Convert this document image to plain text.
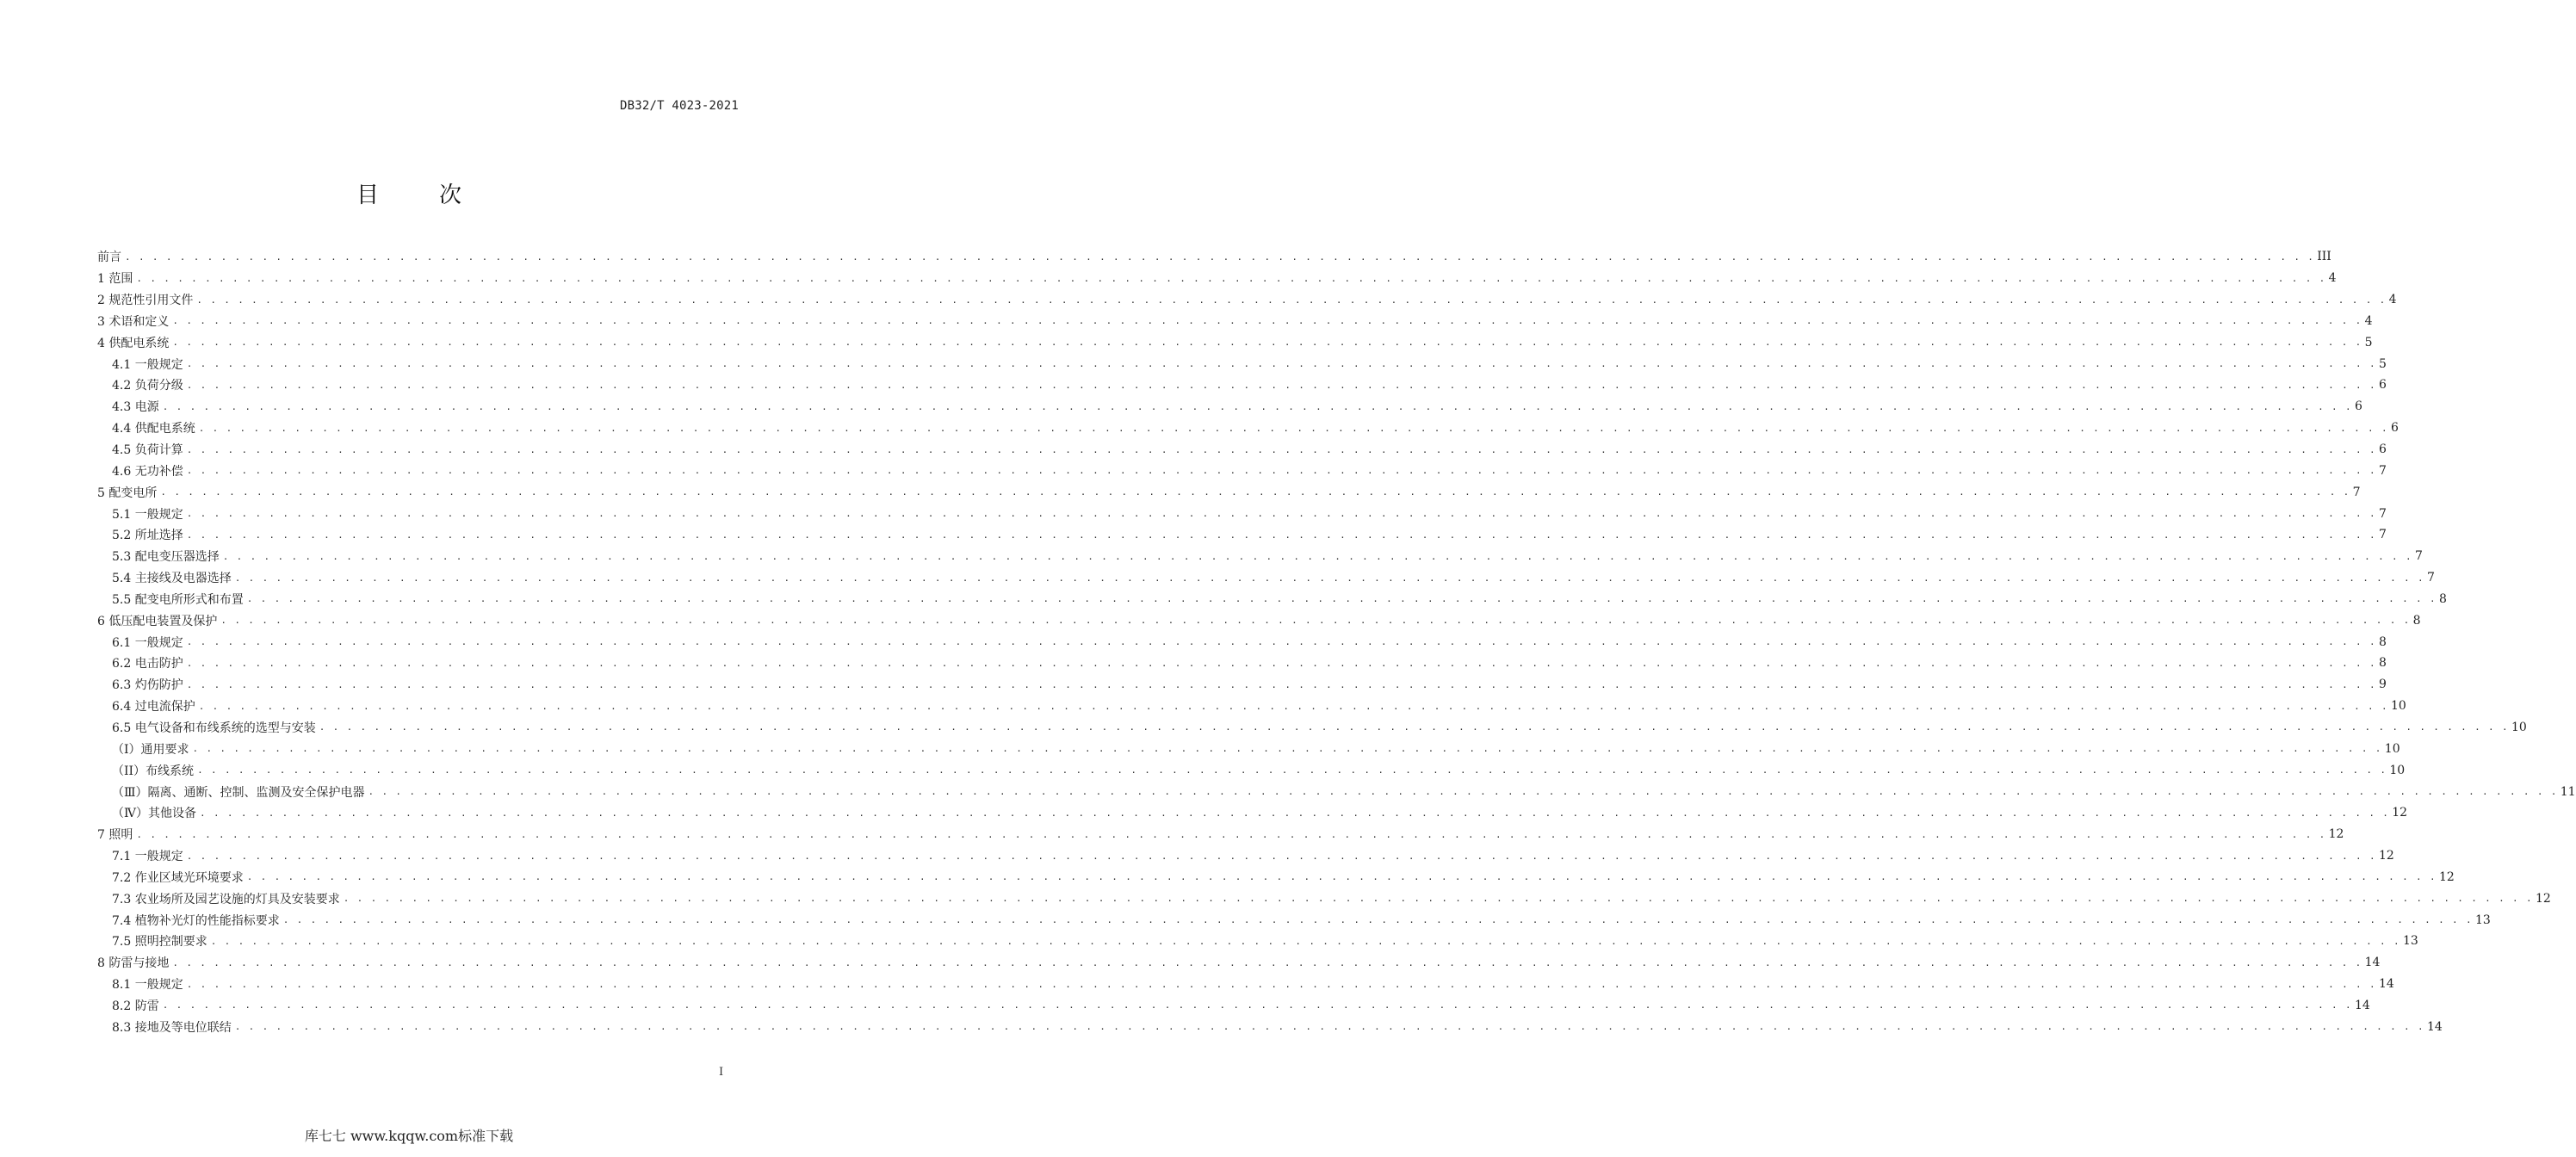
DB32/T 4023-2021
目　次
前言 . . . . . . . . . . . . . . . . . . . . . . . . . . . . . . . . . . . . . . . . . . . . . . . . . . . . . . . . . . . . . . . . . . . . . . . . . . . . . . . . . . . . . . . . . . . . . . . . . . . . . . . . . . . . . . . . . . . . . . . . . . . . . . . . . . . . . . . . . . . . . . . . . . . . . . . . . . . . . . . . III
1 范围 . . . . . . . . . . . . . . . . . . . . . . . . . . . . . . . . . . . . . . . . . . . . . . . . . . . . . . . . . . . . . . . . . . . . . . . . . . . . . . . . . . . . . . . . . . . . . . . . . . . . . . . . . . . . . . . . . . . . . . . . . . . . . . . . . . . . . . . . . . . . . . . . . . . . . . . . . . . . . . . . 4
2 规范性引用文件 . . . . . . . . . . . . . . . . . . . . . . . . . . . . . . . . . . . . . . . . . . . . . . . . . . . . . . . . . . . . . . . . . . . . . . . . . . . . . . . . . . . . . . . . . . . . . . . . . . . . . . . . . . . . . . . . . . . . . . . . . . . . . . . . . . . . . . . . . . . . . . . . . . . . . . . . . . . . . . . . 4
3 术语和定义 . . . . . . . . . . . . . . . . . . . . . . . . . . . . . . . . . . . . . . . . . . . . . . . . . . . . . . . . . . . . . . . . . . . . . . . . . . . . . . . . . . . . . . . . . . . . . . . . . . . . . . . . . . . . . . . . . . . . . . . . . . . . . . . . . . . . . . . . . . . . . . . . . . . . . . . . . . . . . . . . 4
4 供配电系统 . . . . . . . . . . . . . . . . . . . . . . . . . . . . . . . . . . . . . . . . . . . . . . . . . . . . . . . . . . . . . . . . . . . . . . . . . . . . . . . . . . . . . . . . . . . . . . . . . . . . . . . . . . . . . . . . . . . . . . . . . . . . . . . . . . . . . . . . . . . . . . . . . . . . . . . . . . . . . . . . 5
4.1 一般规定 . . . . . . . . . . . . . . . . . . . . . . . . . . . . . . . . . . . . . . . . . . . . . . . . . . . . . . . . . . . . . . . . . . . . . . . . . . . . . . . . . . . . . . . . . . . . . . . . . . . . . . . . . . . . . . . . . . . . . . . . . . . . . . . . . . . . . . . . . . . . . . . . . . . . . . . . . . . . . . . . 5
4.2 负荷分级 . . . . . . . . . . . . . . . . . . . . . . . . . . . . . . . . . . . . . . . . . . . . . . . . . . . . . . . . . . . . . . . . . . . . . . . . . . . . . . . . . . . . . . . . . . . . . . . . . . . . . . . . . . . . . . . . . . . . . . . . . . . . . . . . . . . . . . . . . . . . . . . . . . . . . . . . . . . . . . . . 6
4.3 电源 . . . . . . . . . . . . . . . . . . . . . . . . . . . . . . . . . . . . . . . . . . . . . . . . . . . . . . . . . . . . . . . . . . . . . . . . . . . . . . . . . . . . . . . . . . . . . . . . . . . . . . . . . . . . . . . . . . . . . . . . . . . . . . . . . . . . . . . . . . . . . . . . . . . . . . . . . . . . . . . . 6
4.4 供配电系统 . . . . . . . . . . . . . . . . . . . . . . . . . . . . . . . . . . . . . . . . . . . . . . . . . . . . . . . . . . . . . . . . . . . . . . . . . . . . . . . . . . . . . . . . . . . . . . . . . . . . . . . . . . . . . . . . . . . . . . . . . . . . . . . . . . . . . . . . . . . . . . . . . . . . . . . . . . . . . . . . 6
4.5 负荷计算 . . . . . . . . . . . . . . . . . . . . . . . . . . . . . . . . . . . . . . . . . . . . . . . . . . . . . . . . . . . . . . . . . . . . . . . . . . . . . . . . . . . . . . . . . . . . . . . . . . . . . . . . . . . . . . . . . . . . . . . . . . . . . . . . . . . . . . . . . . . . . . . . . . . . . . . . . . . . . . . . 6
4.6 无功补偿 . . . . . . . . . . . . . . . . . . . . . . . . . . . . . . . . . . . . . . . . . . . . . . . . . . . . . . . . . . . . . . . . . . . . . . . . . . . . . . . . . . . . . . . . . . . . . . . . . . . . . . . . . . . . . . . . . . . . . . . . . . . . . . . . . . . . . . . . . . . . . . . . . . . . . . . . . . . . . . . . 7
5 配变电所 . . . . . . . . . . . . . . . . . . . . . . . . . . . . . . . . . . . . . . . . . . . . . . . . . . . . . . . . . . . . . . . . . . . . . . . . . . . . . . . . . . . . . . . . . . . . . . . . . . . . . . . . . . . . . . . . . . . . . . . . . . . . . . . . . . . . . . . . . . . . . . . . . . . . . . . . . . . . . . . . 7
5.1 一般规定 . . . . . . . . . . . . . . . . . . . . . . . . . . . . . . . . . . . . . . . . . . . . . . . . . . . . . . . . . . . . . . . . . . . . . . . . . . . . . . . . . . . . . . . . . . . . . . . . . . . . . . . . . . . . . . . . . . . . . . . . . . . . . . . . . . . . . . . . . . . . . . . . . . . . . . . . . . . . . . . . 7
5.2 所址选择 . . . . . . . . . . . . . . . . . . . . . . . . . . . . . . . . . . . . . . . . . . . . . . . . . . . . . . . . . . . . . . . . . . . . . . . . . . . . . . . . . . . . . . . . . . . . . . . . . . . . . . . . . . . . . . . . . . . . . . . . . . . . . . . . . . . . . . . . . . . . . . . . . . . . . . . . . . . . . . . . 7
5.3 配电变压器选择 . . . . . . . . . . . . . . . . . . . . . . . . . . . . . . . . . . . . . . . . . . . . . . . . . . . . . . . . . . . . . . . . . . . . . . . . . . . . . . . . . . . . . . . . . . . . . . . . . . . . . . . . . . . . . . . . . . . . . . . . . . . . . . . . . . . . . . . . . . . . . . . . . . . . . . . . . . . . . . . . 7
5.4 主接线及电器选择 . . . . . . . . . . . . . . . . . . . . . . . . . . . . . . . . . . . . . . . . . . . . . . . . . . . . . . . . . . . . . . . . . . . . . . . . . . . . . . . . . . . . . . . . . . . . . . . . . . . . . . . . . . . . . . . . . . . . . . . . . . . . . . . . . . . . . . . . . . . . . . . . . . . . . . . . . . . . . . . . 7
5.5 配变电所形式和布置 . . . . . . . . . . . . . . . . . . . . . . . . . . . . . . . . . . . . . . . . . . . . . . . . . . . . . . . . . . . . . . . . . . . . . . . . . . . . . . . . . . . . . . . . . . . . . . . . . . . . . . . . . . . . . . . . . . . . . . . . . . . . . . . . . . . . . . . . . . . . . . . . . . . . . . . . . . . . . . . . 8
6 低压配电装置及保护 . . . . . . . . . . . . . . . . . . . . . . . . . . . . . . . . . . . . . . . . . . . . . . . . . . . . . . . . . . . . . . . . . . . . . . . . . . . . . . . . . . . . . . . . . . . . . . . . . . . . . . . . . . . . . . . . . . . . . . . . . . . . . . . . . . . . . . . . . . . . . . . . . . . . . . . . . . . . . . . . 8
6.1 一般规定 . . . . . . . . . . . . . . . . . . . . . . . . . . . . . . . . . . . . . . . . . . . . . . . . . . . . . . . . . . . . . . . . . . . . . . . . . . . . . . . . . . . . . . . . . . . . . . . . . . . . . . . . . . . . . . . . . . . . . . . . . . . . . . . . . . . . . . . . . . . . . . . . . . . . . . . . . . . . . . . . 8
6.2 电击防护 . . . . . . . . . . . . . . . . . . . . . . . . . . . . . . . . . . . . . . . . . . . . . . . . . . . . . . . . . . . . . . . . . . . . . . . . . . . . . . . . . . . . . . . . . . . . . . . . . . . . . . . . . . . . . . . . . . . . . . . . . . . . . . . . . . . . . . . . . . . . . . . . . . . . . . . . . . . . . . . . 8
6.3 灼伤防护 . . . . . . . . . . . . . . . . . . . . . . . . . . . . . . . . . . . . . . . . . . . . . . . . . . . . . . . . . . . . . . . . . . . . . . . . . . . . . . . . . . . . . . . . . . . . . . . . . . . . . . . . . . . . . . . . . . . . . . . . . . . . . . . . . . . . . . . . . . . . . . . . . . . . . . . . . . . . . . . . 9
6.4 过电流保护 . . . . . . . . . . . . . . . . . . . . . . . . . . . . . . . . . . . . . . . . . . . . . . . . . . . . . . . . . . . . . . . . . . . . . . . . . . . . . . . . . . . . . . . . . . . . . . . . . . . . . . . . . . . . . . . . . . . . . . . . . . . . . . . . . . . . . . . . . . . . . . . . . . . . . . . . . . . . . . . . 10
6.5 电气设备和布线系统的选型与安装 . . . . . . . . . . . . . . . . . . . . . . . . . . . . . . . . . . . . . . . . . . . . . . . . . . . . . . . . . . . . . . . . . . . . . . . . . . . . . . . . . . . . . . . . . . . . . . . . . . . . . . . . . . . . . . . . . . . . . . . . . . . . . . . . . . . . . . . . . . . . . . . . . . . . . . . . . . . . . . . . 10
（Ⅰ）通用要求 . . . . . . . . . . . . . . . . . . . . . . . . . . . . . . . . . . . . . . . . . . . . . . . . . . . . . . . . . . . . . . . . . . . . . . . . . . . . . . . . . . . . . . . . . . . . . . . . . . . . . . . . . . . . . . . . . . . . . . . . . . . . . . . . . . . . . . . . . . . . . . . . . . . . . . . . . . . . . . . . 10
（II）布线系统 . . . . . . . . . . . . . . . . . . . . . . . . . . . . . . . . . . . . . . . . . . . . . . . . . . . . . . . . . . . . . . . . . . . . . . . . . . . . . . . . . . . . . . . . . . . . . . . . . . . . . . . . . . . . . . . . . . . . . . . . . . . . . . . . . . . . . . . . . . . . . . . . . . . . . . . . . . . . . . . . 10
（Ⅲ）隔离、通断、控制、监测及安全保护电器 . . . . . . . . . . . . . . . . . . . . . . . . . . . . . . . . . . . . . . . . . . . . . . . . . . . . . . . . . . . . . . . . . . . . . . . . . . . . . . . . . . . . . . . . . . . . . . . . . . . . . . . . . . . . . . . . . . . . . . . . . . . . . . . . . . . . . . . . . . . . . . . . . . . . . . . . . . . . . . . . 11
（Ⅳ）其他设备 . . . . . . . . . . . . . . . . . . . . . . . . . . . . . . . . . . . . . . . . . . . . . . . . . . . . . . . . . . . . . . . . . . . . . . . . . . . . . . . . . . . . . . . . . . . . . . . . . . . . . . . . . . . . . . . . . . . . . . . . . . . . . . . . . . . . . . . . . . . . . . . . . . . . . . . . . . . . . . . . 12
7 照明 . . . . . . . . . . . . . . . . . . . . . . . . . . . . . . . . . . . . . . . . . . . . . . . . . . . . . . . . . . . . . . . . . . . . . . . . . . . . . . . . . . . . . . . . . . . . . . . . . . . . . . . . . . . . . . . . . . . . . . . . . . . . . . . . . . . . . . . . . . . . . . . . . . . . . . . . . . . . . . . . 12
7.1 一般规定 . . . . . . . . . . . . . . . . . . . . . . . . . . . . . . . . . . . . . . . . . . . . . . . . . . . . . . . . . . . . . . . . . . . . . . . . . . . . . . . . . . . . . . . . . . . . . . . . . . . . . . . . . . . . . . . . . . . . . . . . . . . . . . . . . . . . . . . . . . . . . . . . . . . . . . . . . . . . . . . . 12
7.2 作业区域光环境要求 . . . . . . . . . . . . . . . . . . . . . . . . . . . . . . . . . . . . . . . . . . . . . . . . . . . . . . . . . . . . . . . . . . . . . . . . . . . . . . . . . . . . . . . . . . . . . . . . . . . . . . . . . . . . . . . . . . . . . . . . . . . . . . . . . . . . . . . . . . . . . . . . . . . . . . . . . . . . . . . . 12
7.3 农业场所及园艺设施的灯具及安装要求 . . . . . . . . . . . . . . . . . . . . . . . . . . . . . . . . . . . . . . . . . . . . . . . . . . . . . . . . . . . . . . . . . . . . . . . . . . . . . . . . . . . . . . . . . . . . . . . . . . . . . . . . . . . . . . . . . . . . . . . . . . . . . . . . . . . . . . . . . . . . . . . . . . . . . . . . . . . . . . . . 12
7.4 植物补光灯的性能指标要求 . . . . . . . . . . . . . . . . . . . . . . . . . . . . . . . . . . . . . . . . . . . . . . . . . . . . . . . . . . . . . . . . . . . . . . . . . . . . . . . . . . . . . . . . . . . . . . . . . . . . . . . . . . . . . . . . . . . . . . . . . . . . . . . . . . . . . . . . . . . . . . . . . . . . . . . . . . . . . . . . 13
7.5 照明控制要求 . . . . . . . . . . . . . . . . . . . . . . . . . . . . . . . . . . . . . . . . . . . . . . . . . . . . . . . . . . . . . . . . . . . . . . . . . . . . . . . . . . . . . . . . . . . . . . . . . . . . . . . . . . . . . . . . . . . . . . . . . . . . . . . . . . . . . . . . . . . . . . . . . . . . . . . . . . . . . . . . 13
8 防雷与接地 . . . . . . . . . . . . . . . . . . . . . . . . . . . . . . . . . . . . . . . . . . . . . . . . . . . . . . . . . . . . . . . . . . . . . . . . . . . . . . . . . . . . . . . . . . . . . . . . . . . . . . . . . . . . . . . . . . . . . . . . . . . . . . . . . . . . . . . . . . . . . . . . . . . . . . . . . . . . . . . . 14
8.1 一般规定 . . . . . . . . . . . . . . . . . . . . . . . . . . . . . . . . . . . . . . . . . . . . . . . . . . . . . . . . . . . . . . . . . . . . . . . . . . . . . . . . . . . . . . . . . . . . . . . . . . . . . . . . . . . . . . . . . . . . . . . . . . . . . . . . . . . . . . . . . . . . . . . . . . . . . . . . . . . . . . . . 14
8.2 防雷 . . . . . . . . . . . . . . . . . . . . . . . . . . . . . . . . . . . . . . . . . . . . . . . . . . . . . . . . . . . . . . . . . . . . . . . . . . . . . . . . . . . . . . . . . . . . . . . . . . . . . . . . . . . . . . . . . . . . . . . . . . . . . . . . . . . . . . . . . . . . . . . . . . . . . . . . . . . . . . . . 14
8.3 接地及等电位联结 . . . . . . . . . . . . . . . . . . . . . . . . . . . . . . . . . . . . . . . . . . . . . . . . . . . . . . . . . . . . . . . . . . . . . . . . . . . . . . . . . . . . . . . . . . . . . . . . . . . . . . . . . . . . . . . . . . . . . . . . . . . . . . . . . . . . . . . . . . . . . . . . . . . . . . . . . . . . . . . . 14
I
库七七 www.kqqw.com标准下载
